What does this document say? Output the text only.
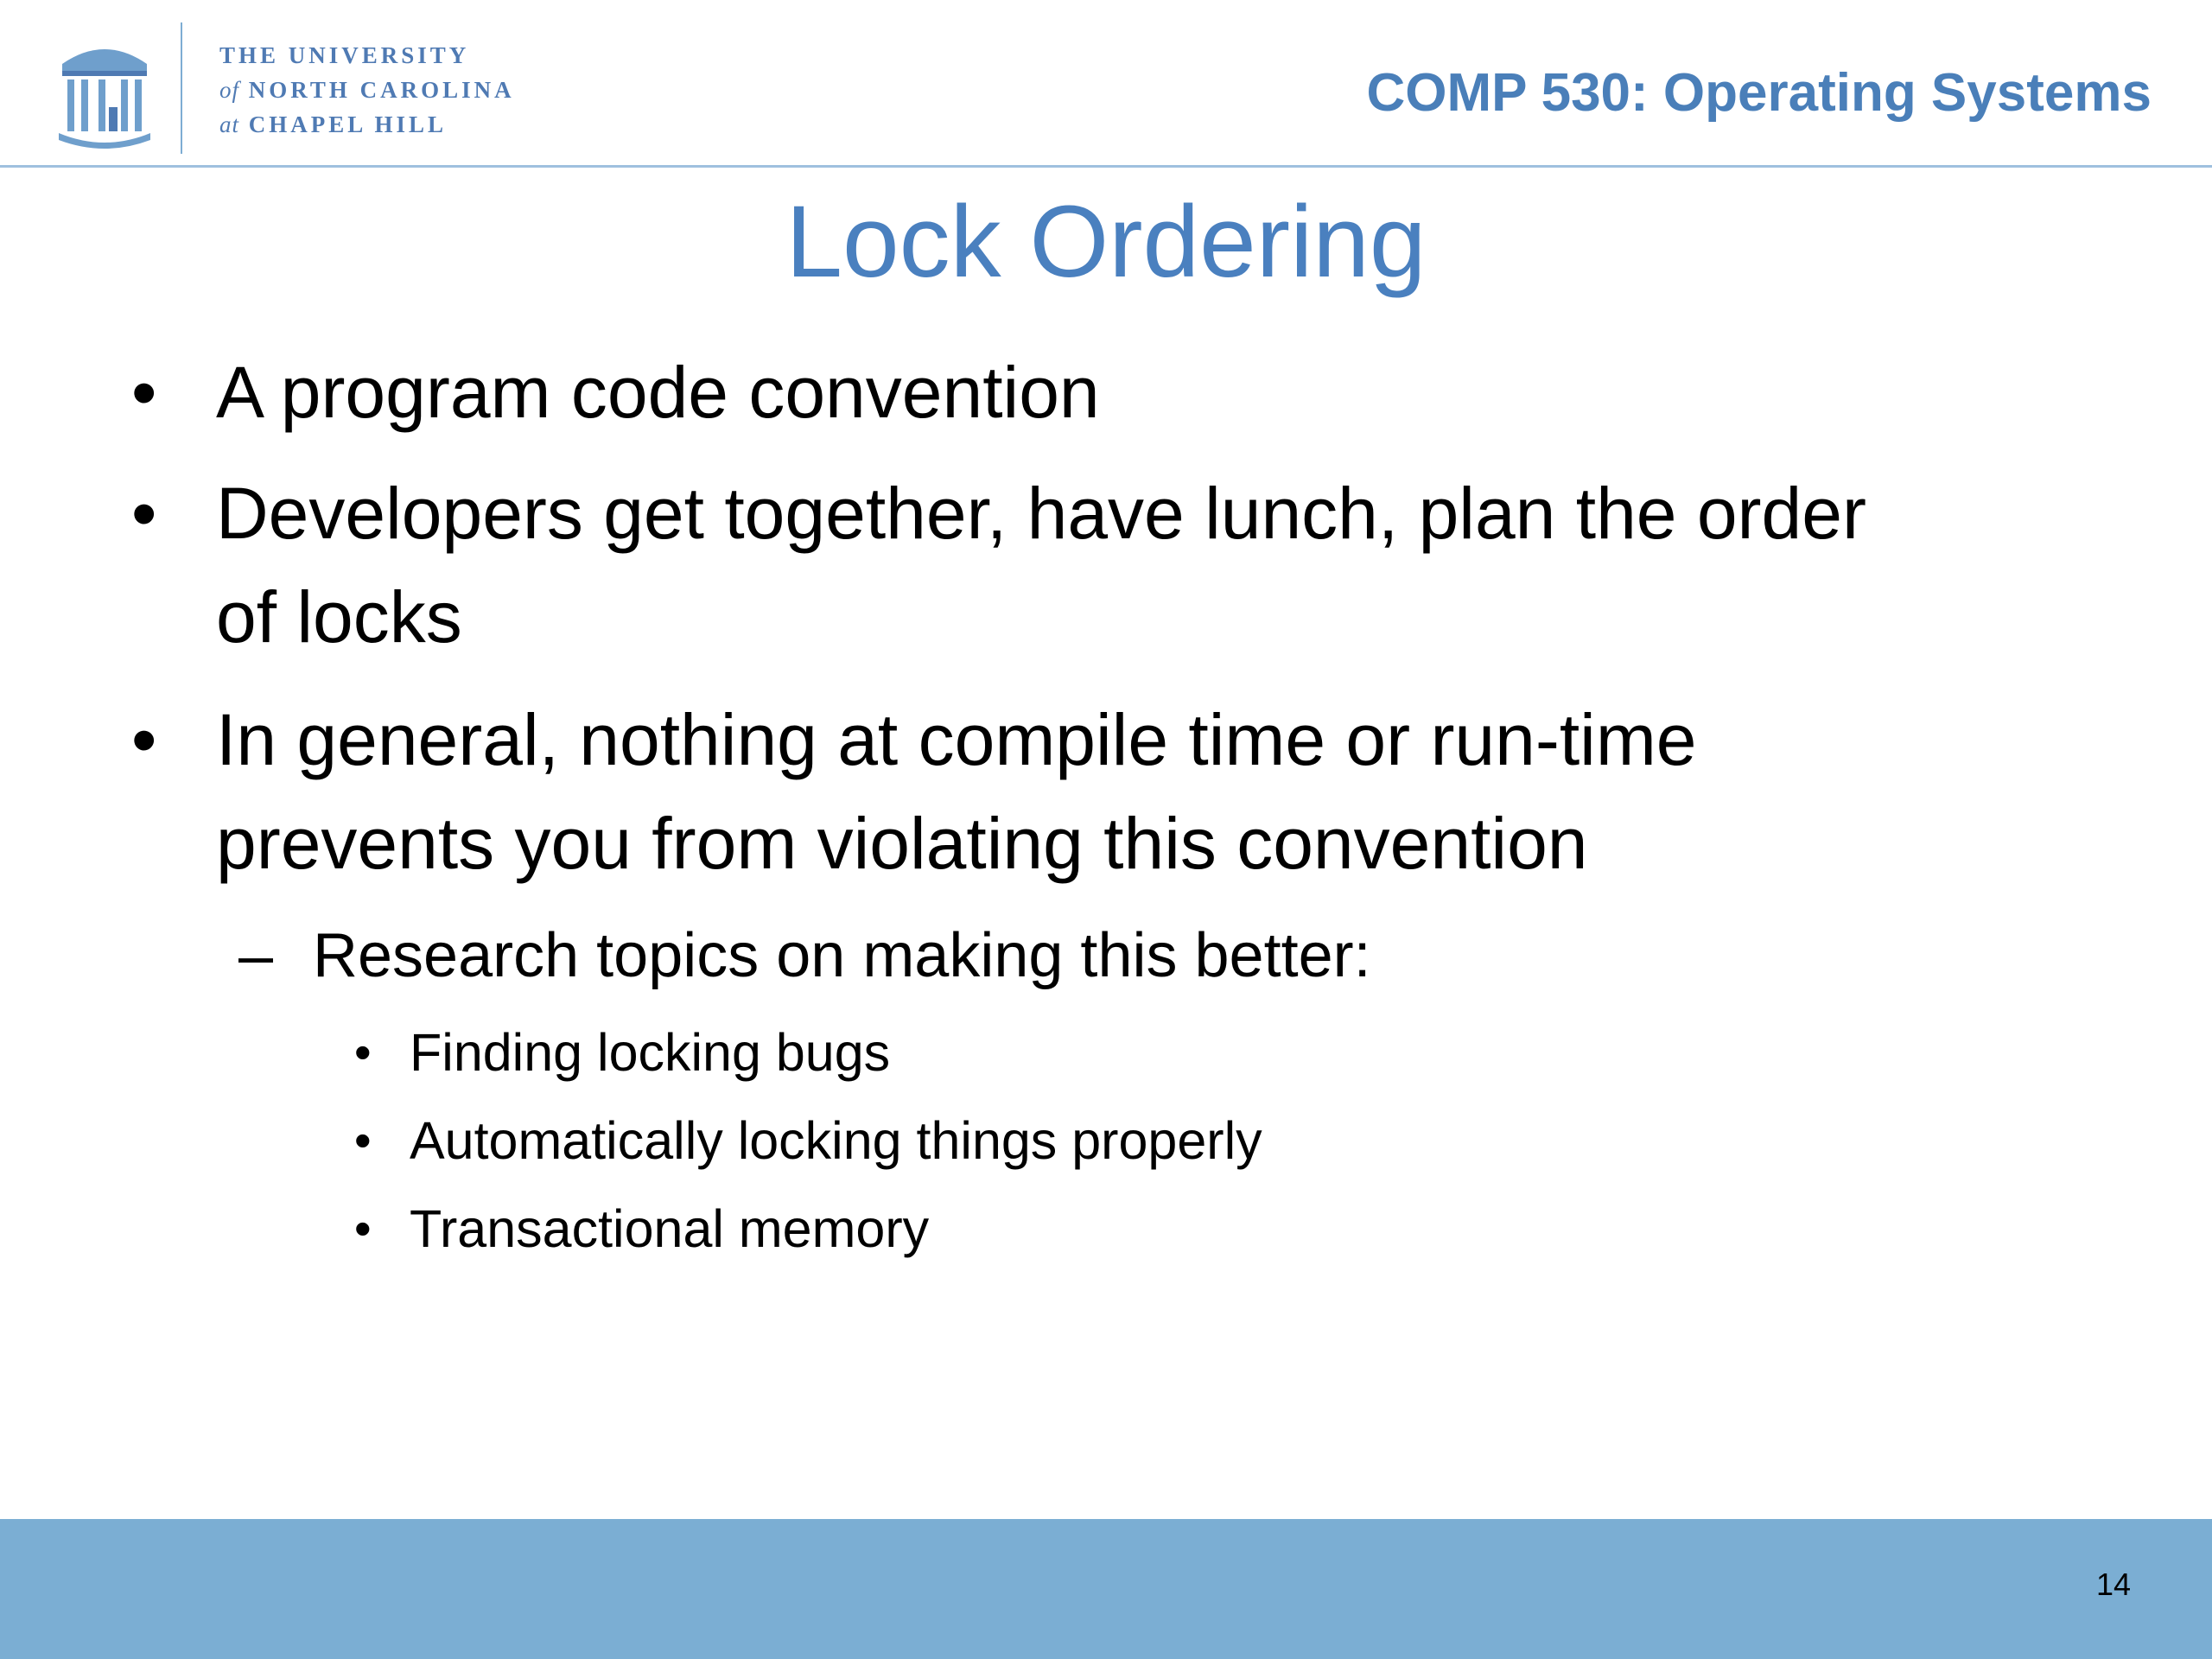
THE UNIVERSITY
of NORTH CAROLINA
at CHAPEL HILL
COMP 530: Operating Systems
Lock Ordering
• A program code convention
• Developers get together, have lunch, plan the order
of locks
• In general, nothing at compile time or run-time
prevents you from violating this convention
– Research topics on making this better:
• Finding locking bugs
• Automatically locking things properly
• Transactional memory
14
